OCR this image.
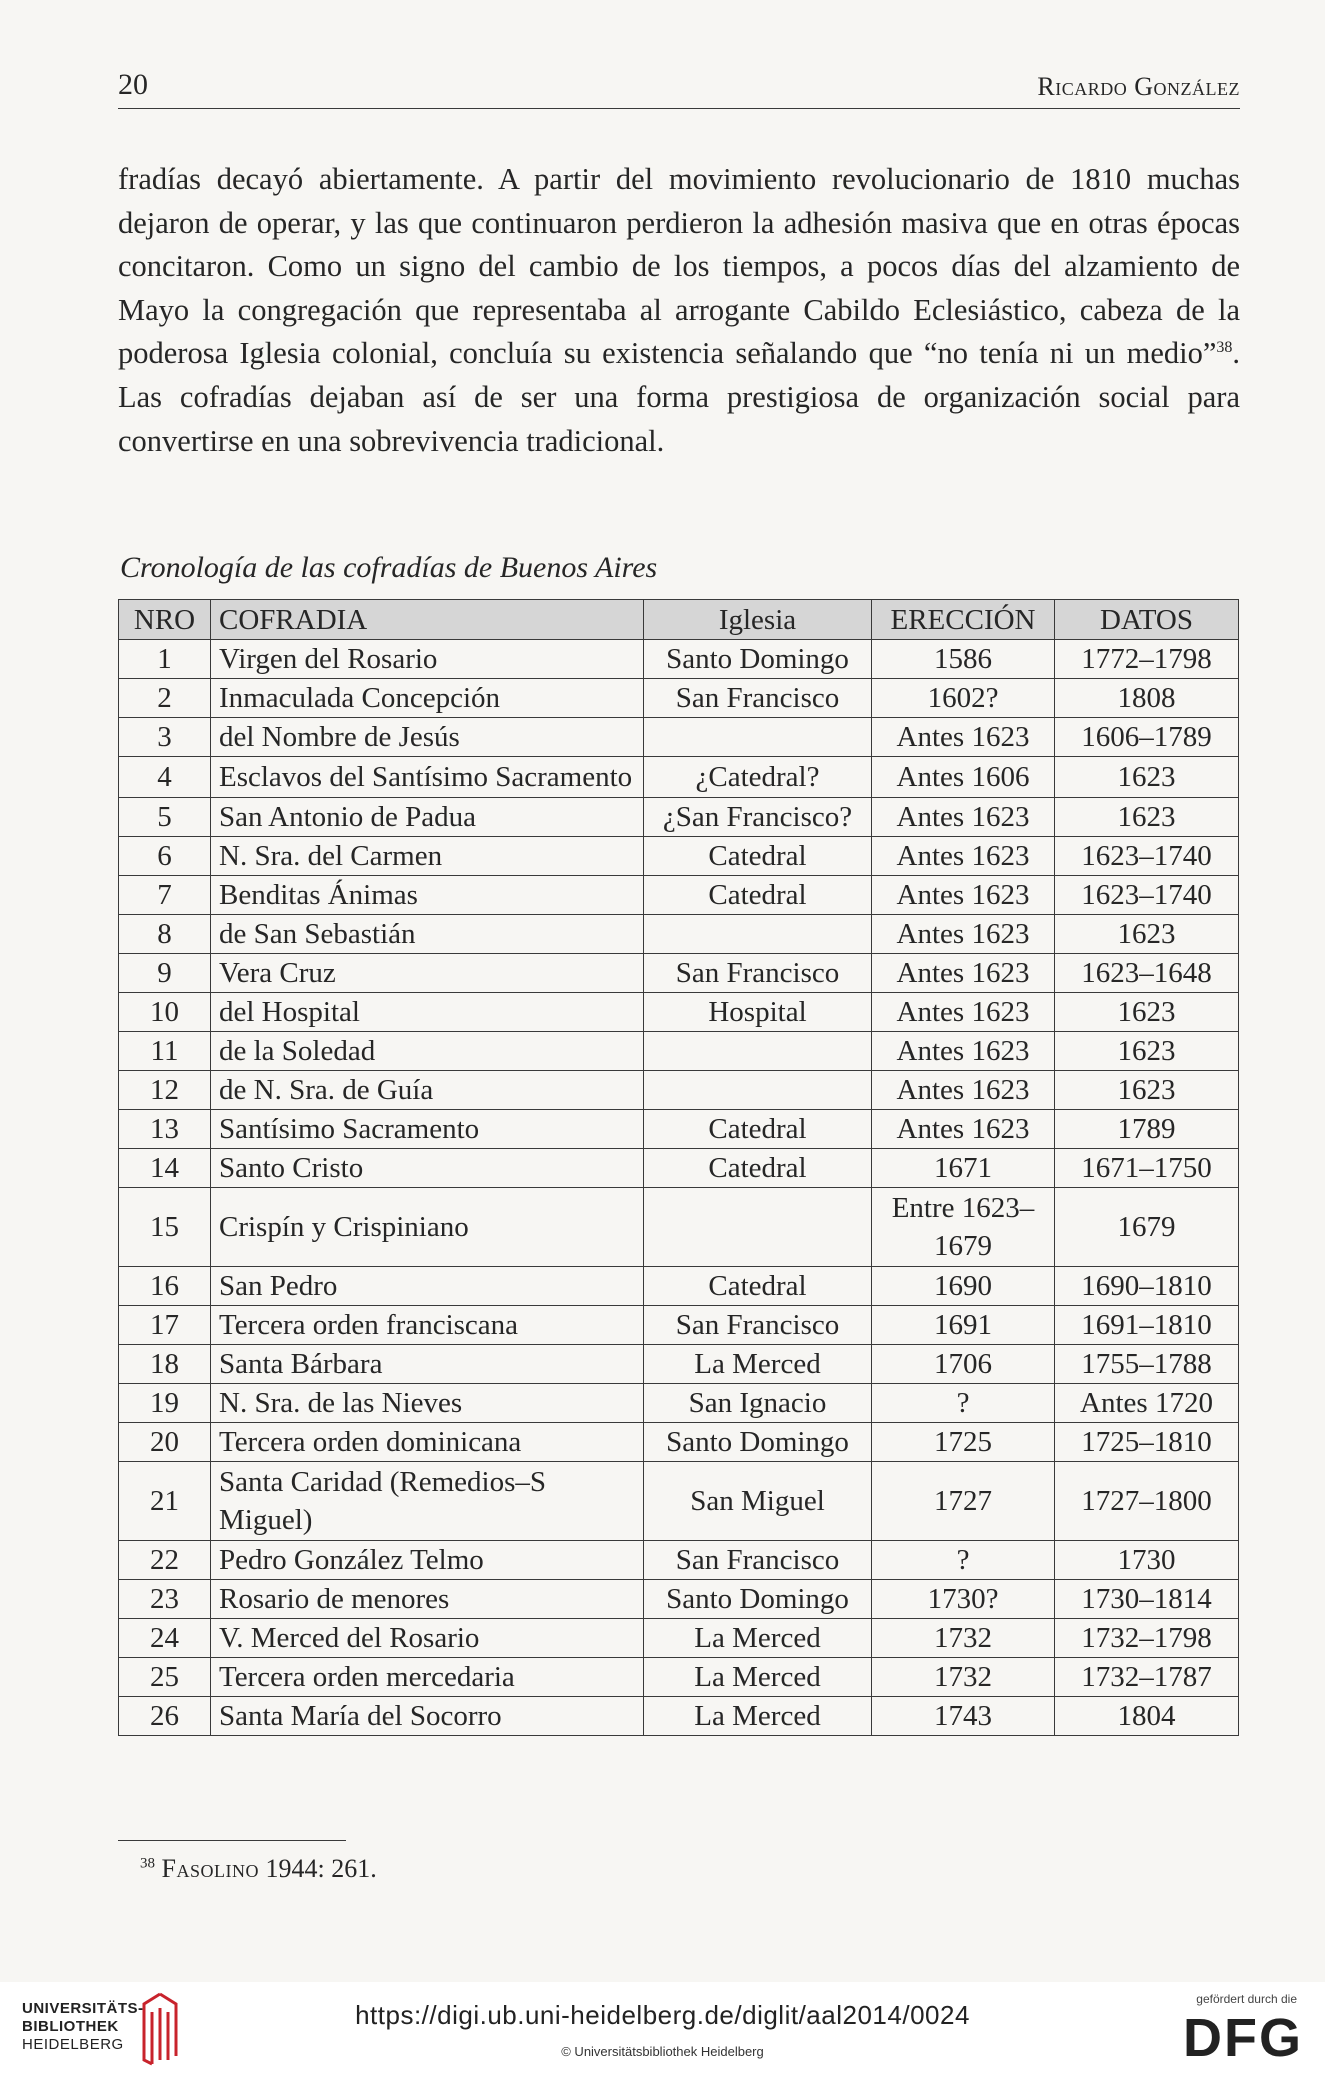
20	Ricardo González

fradías decayó abiertamente. A partir del movimiento revolucionario de 1810 muchas dejaron de operar, y las que continuaron perdieron la adhesión masiva que en otras épocas concitaron. Como un signo del cambio de los tiempos, a pocos días del alzamiento de Mayo la congregación que representaba al arrogante Cabildo Eclesiástico, cabeza de la poderosa Iglesia colonial, concluía su existencia señalando que “no tenía ni un medio”$^{38}$. Las cofradías dejaban así de ser una forma prestigiosa de organización social para convertirse en una sobrevivencia tradicional.

Cronología de las cofradías de Buenos Aires

NRO	COFRADIA	Iglesia	ERECCIÓN	DATOS
1	Virgen del Rosario	Santo Domingo	1586	1772–1798
2	Inmaculada Concepción	San Francisco	1602?	1808
3	del Nombre de Jesús		Antes 1623	1606–1789
4	Esclavos del Santísimo Sacramento	¿Catedral?	Antes 1606	1623
5	San Antonio de Padua	¿San Francisco?	Antes 1623	1623
6	N. Sra. del Carmen	Catedral	Antes 1623	1623–1740
7	Benditas Ánimas	Catedral	Antes 1623	1623–1740
8	de San Sebastián		Antes 1623	1623
9	Vera Cruz	San Francisco	Antes 1623	1623–1648
10	del Hospital	Hospital	Antes 1623	1623
11	de la Soledad		Antes 1623	1623
12	de N. Sra. de Guía		Antes 1623	1623
13	Santísimo Sacramento	Catedral	Antes 1623	1789
14	Santo Cristo	Catedral	1671	1671–1750
15	Crispín y Crispiniano		Entre 1623–1679	1679
16	San Pedro	Catedral	1690	1690–1810
17	Tercera orden franciscana	San Francisco	1691	1691–1810
18	Santa Bárbara	La Merced	1706	1755–1788
19	N. Sra. de las Nieves	San Ignacio	?	Antes 1720
20	Tercera orden dominicana	Santo Domingo	1725	1725–1810
21	Santa Caridad (Remedios–S Miguel)	San Miguel	1727	1727–1800
22	Pedro González Telmo	San Francisco	?	1730
23	Rosario de menores	Santo Domingo	1730?	1730–1814
24	V. Merced del Rosario	La Merced	1732	1732–1798
25	Tercera orden mercedaria	La Merced	1732	1732–1787
26	Santa María del Socorro	La Merced	1743	1804

$^{38}$ Fasolino 1944: 261.

UNIVERSITÄTS-
BIBLIOTHEK
HEIDELBERG
https://digi.ub.uni-heidelberg.de/diglit/aal2014/0024
© Universitätsbibliothek Heidelberg
gefördert durch die
DFG
